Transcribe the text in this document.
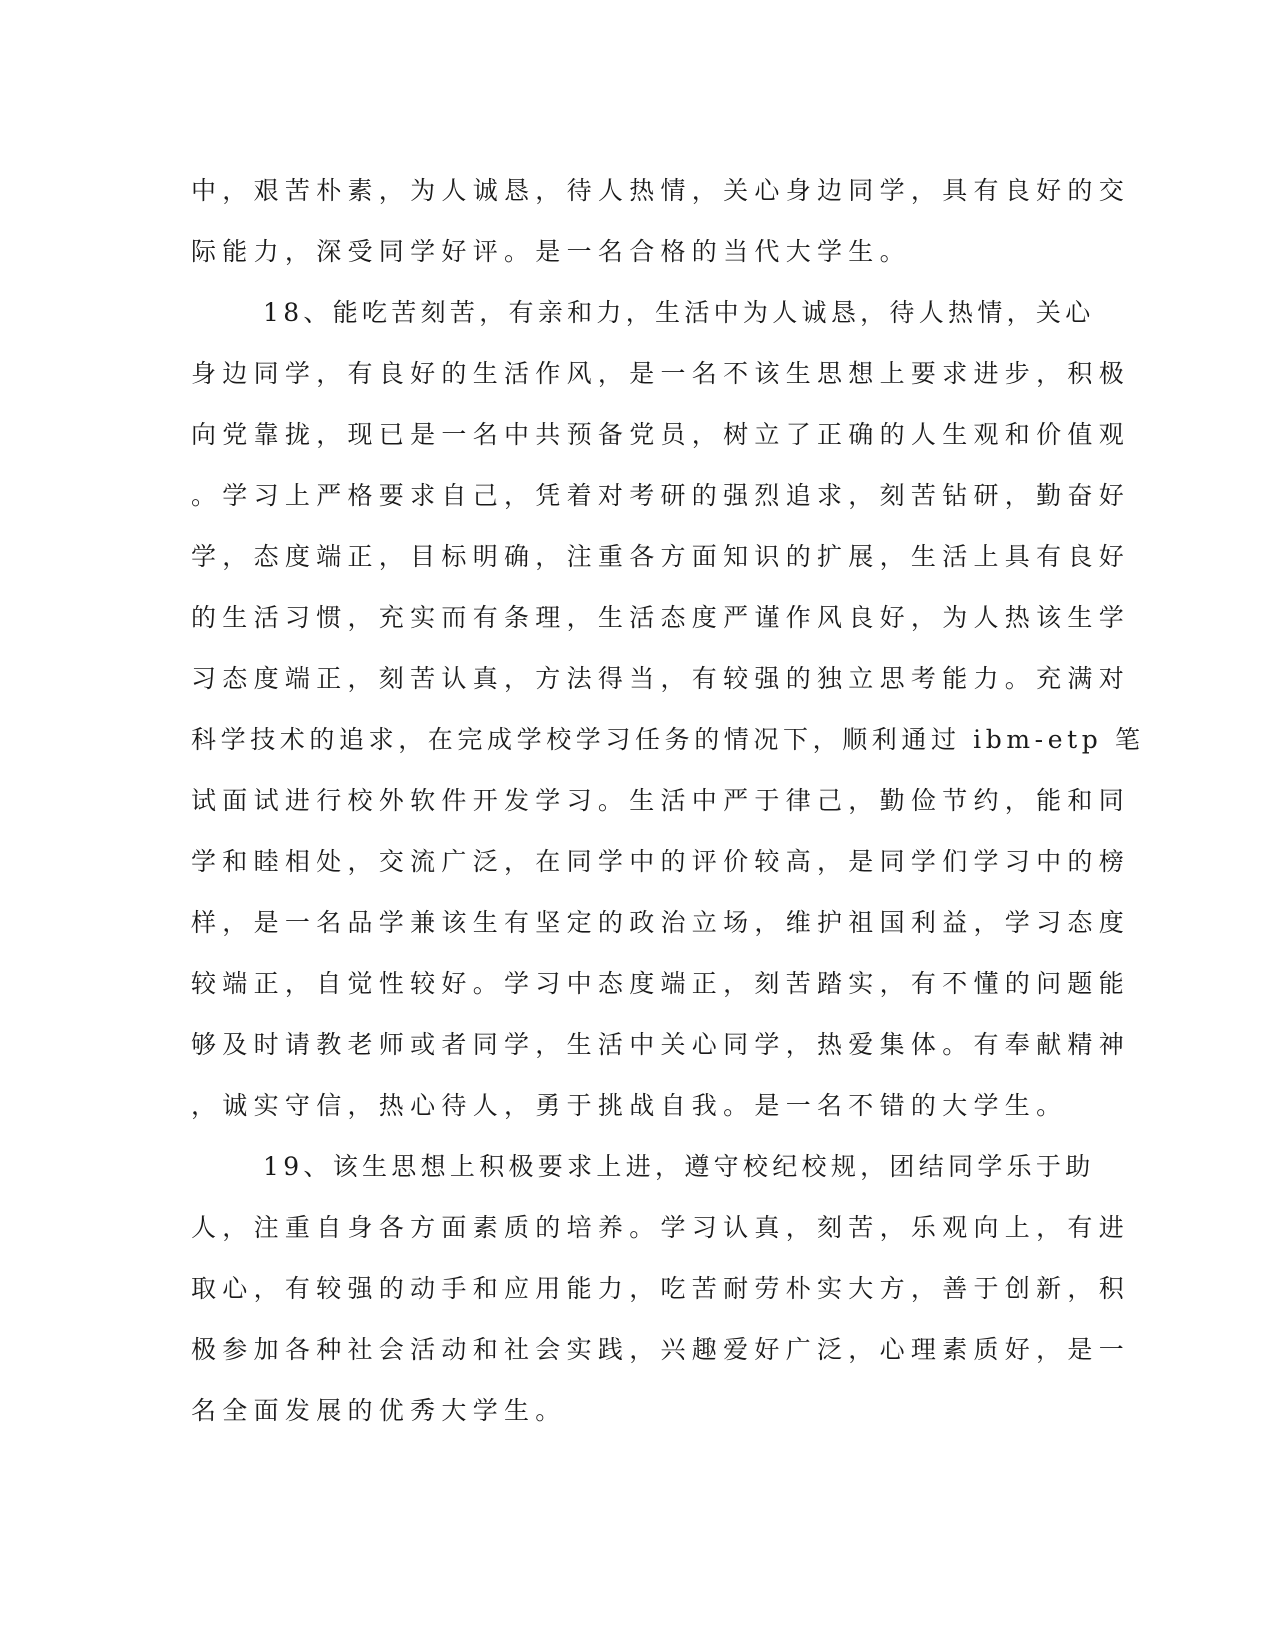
中，艰苦朴素，为人诚恳，待人热情，关心身边同学，具有良好的交
际能力，深受同学好评。是一名合格的当代大学生。
18、能吃苦刻苦，有亲和力，生活中为人诚恳，待人热情，关心
身边同学，有良好的生活作风，是一名不该生思想上要求进步，积极
向党靠拢，现已是一名中共预备党员，树立了正确的人生观和价值观
。学习上严格要求自己，凭着对考研的强烈追求，刻苦钻研，勤奋好
学，态度端正，目标明确，注重各方面知识的扩展，生活上具有良好
的生活习惯，充实而有条理，生活态度严谨作风良好，为人热该生学
习态度端正，刻苦认真，方法得当，有较强的独立思考能力。充满对
科学技术的追求，在完成学校学习任务的情况下，顺利通过 ibm-etp 笔
试面试进行校外软件开发学习。生活中严于律己，勤俭节约，能和同
学和睦相处，交流广泛，在同学中的评价较高，是同学们学习中的榜
样，是一名品学兼该生有坚定的政治立场，维护祖国利益，学习态度
较端正，自觉性较好。学习中态度端正，刻苦踏实，有不懂的问题能
够及时请教老师或者同学，生活中关心同学，热爱集体。有奉献精神
，诚实守信，热心待人，勇于挑战自我。是一名不错的大学生。
19、该生思想上积极要求上进，遵守校纪校规，团结同学乐于助
人，注重自身各方面素质的培养。学习认真，刻苦，乐观向上，有进
取心，有较强的动手和应用能力，吃苦耐劳朴实大方，善于创新，积
极参加各种社会活动和社会实践，兴趣爱好广泛，心理素质好，是一
名全面发展的优秀大学生。
